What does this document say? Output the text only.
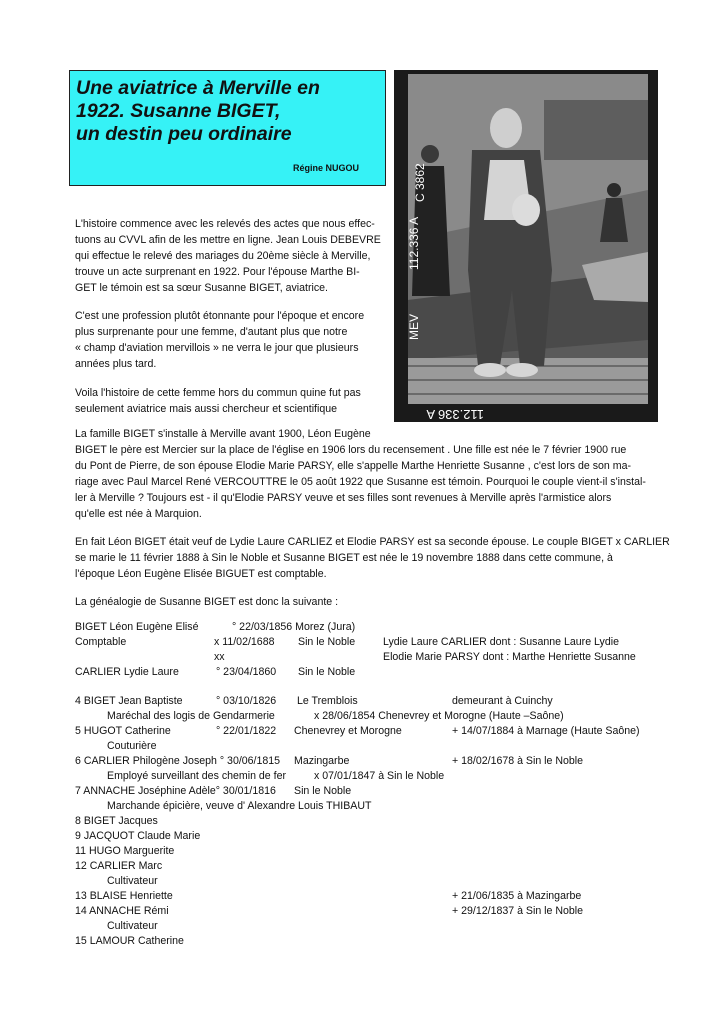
Une aviatrice à Merville en
1922. Susanne BIGET,
un destin peu ordinaire
Régine NUGOU
112.336 A
MEV
C 3862
112.336 A
L'histoire commence avec les relevés des actes que nous effec-
tuons au CVVL afin de les mettre en ligne. Jean Louis DEBEVRE
qui effectue le relevé des mariages du 20ème siècle à Merville,
trouve un acte surprenant en 1922. Pour l'épouse Marthe BI-
GET le témoin est sa sœur Susanne BIGET, aviatrice.
C'est une profession plutôt étonnante pour l'époque et encore
plus surprenante pour une femme, d'autant plus que notre
« champ d'aviation mervillois » ne verra le jour que plusieurs
années plus tard.
Voila l'histoire de cette femme hors du commun quine fut pas
seulement aviatrice mais aussi chercheur et scientifique
La famille BIGET s'installe à Merville avant 1900, Léon Eugène
BIGET le père est Mercier sur la place de l'église en 1906 lors du recensement . Une fille est née le 7 février 1900 rue
du Pont de Pierre, de son épouse Elodie Marie PARSY, elle s'appelle Marthe Henriette Susanne , c'est lors de son ma-
riage avec Paul Marcel René VERCOUTTRE le 05 août 1922 que Susanne est témoin. Pourquoi le couple vient-il s'instal-
ler à Merville ? Toujours est - il qu'Elodie PARSY veuve et ses filles sont revenues à Merville après l'armistice alors
qu'elle est née à Marquion.
En fait Léon BIGET était veuf de Lydie Laure CARLIEZ et Elodie PARSY est sa seconde épouse. Le couple BIGET x CARLIER
se marie le 11 février 1888 à Sin le Noble et Susanne BIGET est née le 19 novembre 1888 dans cette commune, à
l'époque Léon Eugène Elisée BIGUET est comptable.
La généalogie de Susanne BIGET est donc la suivante :
BIGET Léon Eugène Elisé	° 22/03/1856 Morez (Jura)
Comptable	x 11/02/1688 Sin le Noble	Lydie Laure CARLIER dont : Susanne Laure Lydie
xx	Elodie Marie PARSY dont : Marthe Henriette Susanne
CARLIER Lydie Laure	° 23/04/1860 Sin le Noble
4 BIGET Jean Baptiste	° 03/10/1826 Le Tremblois	demeurant à Cuinchy
Maréchal des logis de Gendarmerie	x 28/06/1854 Chenevrey et Morogne (Haute –Saône)
5 HUGOT Catherine	° 22/01/1822 Chenevrey et Morogne	+ 14/07/1884 à Marnage (Haute Saône)
Couturière
6 CARLIER Philogène Joseph ° 30/06/1815 Mazingarbe	+ 18/02/1678 à Sin le Noble
Employé surveillant des chemin de fer	x 07/01/1847 à Sin le Noble
7 ANNACHE Joséphine Adèle° 30/01/1816 Sin le Noble
Marchande épicière, veuve d' Alexandre Louis THIBAUT
8 BIGET Jacques
9 JACQUOT Claude Marie
11 HUGO Marguerite
12 CARLIER Marc
Cultivateur
13 BLAISE Henriette	+ 21/06/1835 à Mazingarbe
14 ANNACHE Rémi	+ 29/12/1837 à Sin le Noble
Cultivateur
15 LAMOUR Catherine
